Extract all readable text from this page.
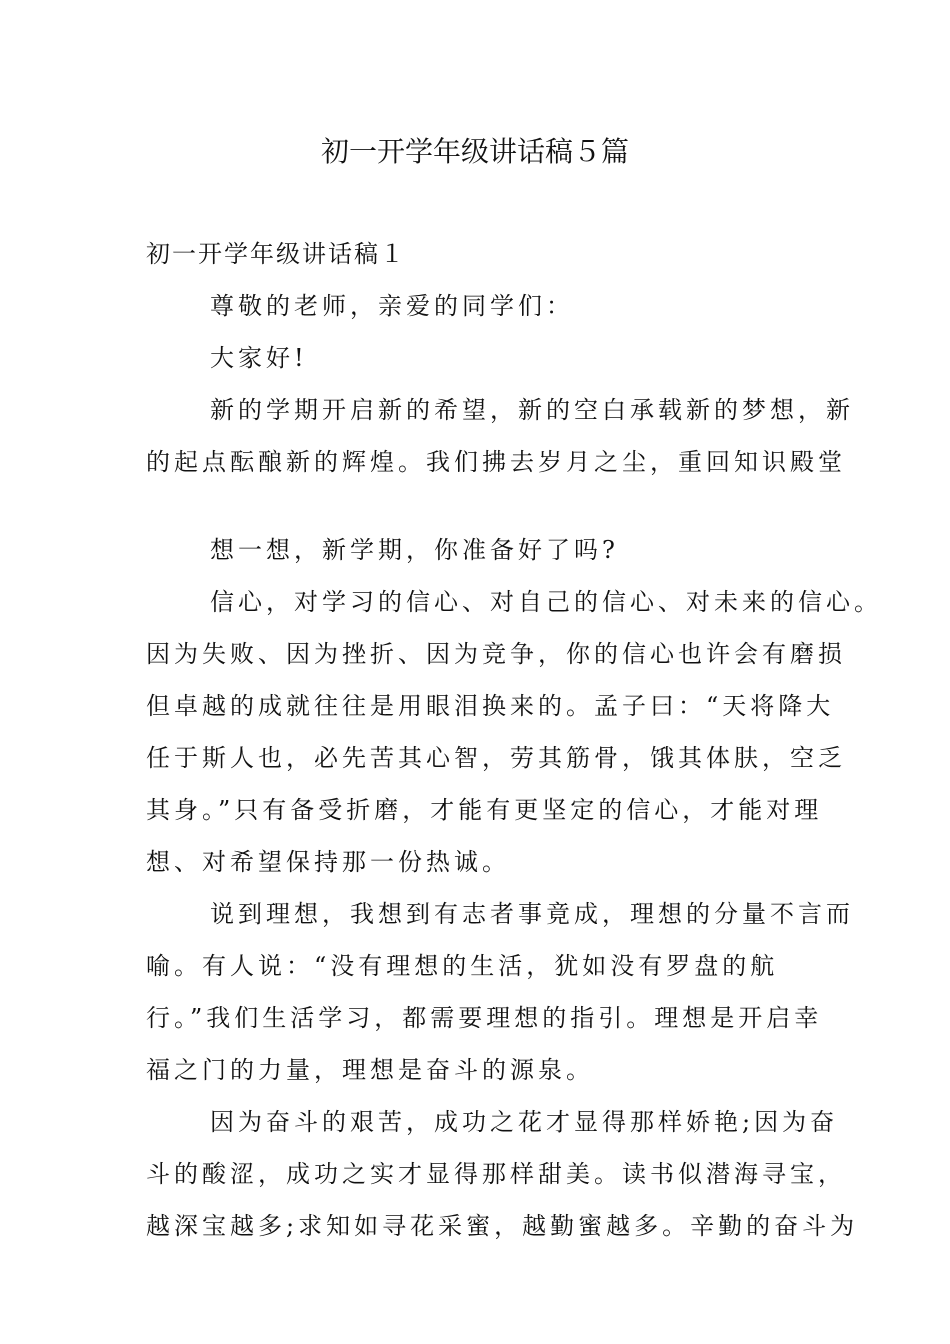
初一开学年级讲话稿５篇
初一开学年级讲话稿１
尊敬的老师，亲爱的同学们：
大家好!
新的学期开启新的希望，新的空白承载新的梦想，新
的起点酝酿新的辉煌。我们拂去岁月之尘，重回知识殿堂
想一想，新学期，你准备好了吗?
信心，对学习的信心、对自己的信心、对未来的信心。
因为失败、因为挫折、因为竞争，你的信心也许会有磨损
但卓越的成就往往是用眼泪换来的。孟子曰：“天将降大
任于斯人也，必先苦其心智，劳其筋骨，饿其体肤，空乏
其身。”只有备受折磨，才能有更坚定的信心，才能对理
想、对希望保持那一份热诚。
说到理想，我想到有志者事竟成，理想的分量不言而
喻。有人说：“没有理想的生活，犹如没有罗盘的航
行。”我们生活学习，都需要理想的指引。理想是开启幸
福之门的力量，理想是奋斗的源泉。
因为奋斗的艰苦，成功之花才显得那样娇艳;因为奋
斗的酸涩，成功之实才显得那样甜美。读书似潜海寻宝，
越深宝越多;求知如寻花采蜜，越勤蜜越多。辛勤的奋斗为
